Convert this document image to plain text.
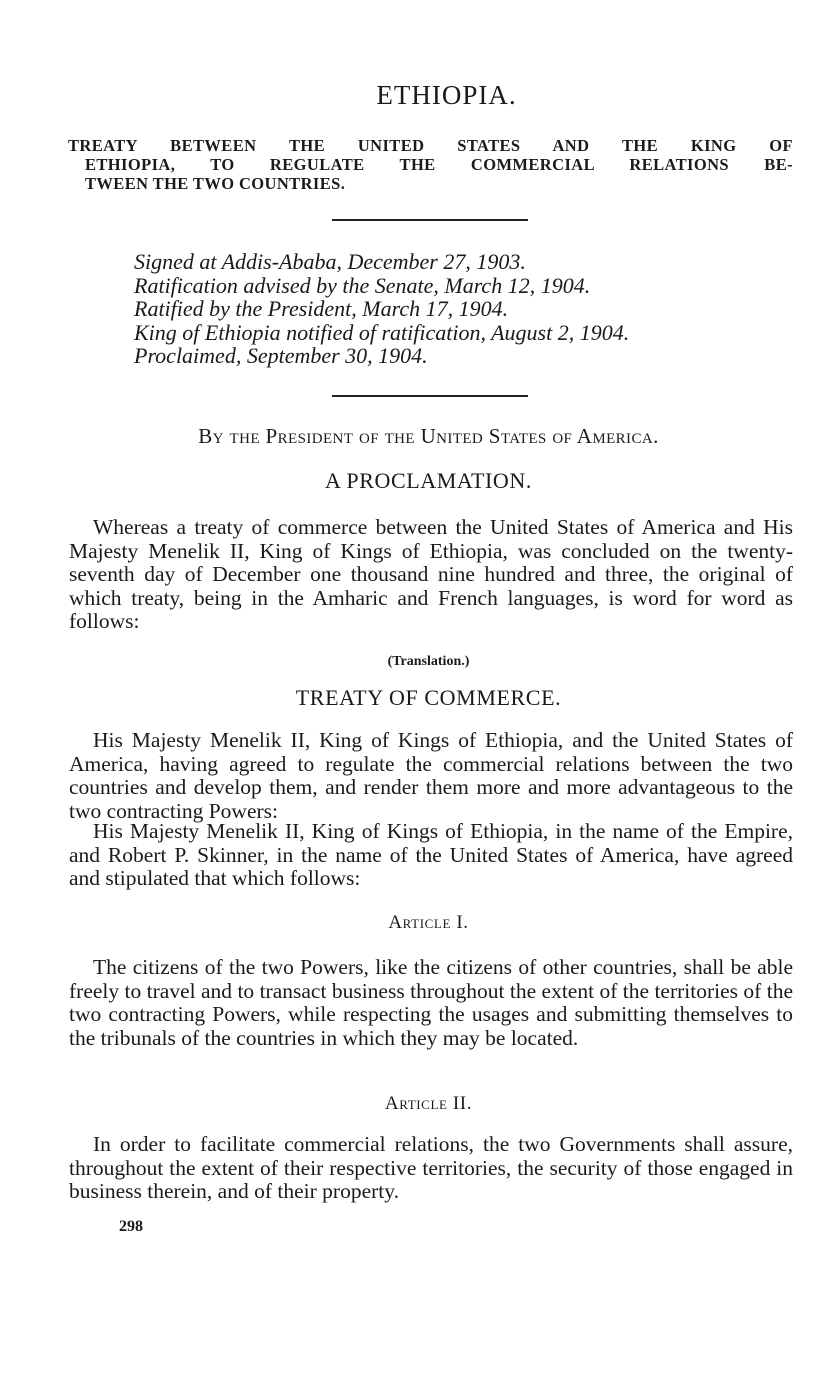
ETHIOPIA.
TREATY BETWEEN THE UNITED STATES AND THE KING OF
ETHIOPIA, TO REGULATE THE COMMERCIAL RELATIONS BE-
TWEEN THE TWO COUNTRIES.
Signed at Addis-Ababa, December 27, 1903.
Ratification advised by the Senate, March 12, 1904.
Ratified by the President, March 17, 1904.
King of Ethiopia notified of ratification, August 2, 1904.
Proclaimed, September 30, 1904.
By the President of the United States of America.
A PROCLAMATION.
Whereas a treaty of commerce between the United States of America and His Majesty Menelik II, King of Kings of Ethiopia, was concluded on the twenty-seventh day of December one thousand nine hundred and three, the original of which treaty, being in the Amharic and French languages, is word for word as follows:
(Translation.)
TREATY OF COMMERCE.
His Majesty Menelik II, King of Kings of Ethiopia, and the United States of America, having agreed to regulate the commercial relations between the two countries and develop them, and render them more and more advantageous to the two contracting Powers:
His Majesty Menelik II, King of Kings of Ethiopia, in the name of the Empire, and Robert P. Skinner, in the name of the United States of America, have agreed and stipulated that which follows:
Article I.
The citizens of the two Powers, like the citizens of other countries, shall be able freely to travel and to transact business throughout the extent of the territories of the two contracting Powers, while respecting the usages and submitting themselves to the tribunals of the countries in which they may be located.
Article II.
In order to facilitate commercial relations, the two Governments shall assure, throughout the extent of their respective territories, the security of those engaged in business therein, and of their property.
298
